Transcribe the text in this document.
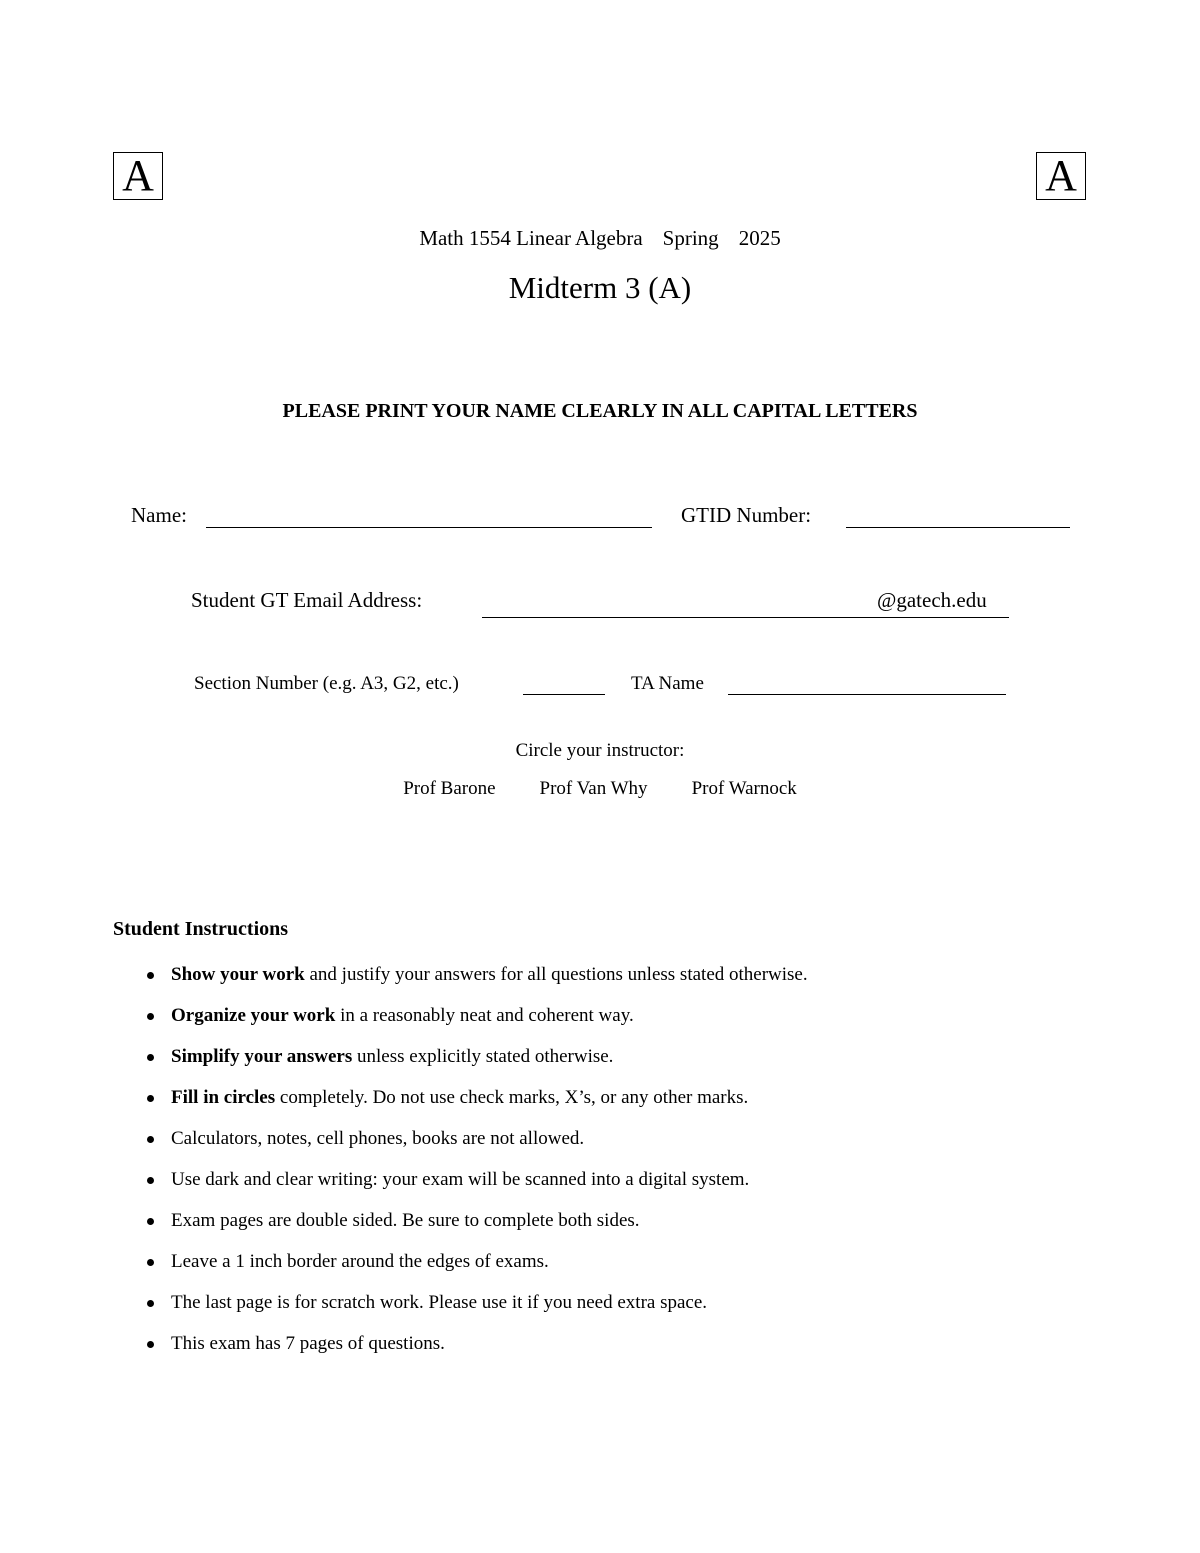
A	A
Math 1554 Linear Algebra Spring 2025
Midterm 3 (A)
PLEASE PRINT YOUR NAME CLEARLY IN ALL CAPITAL LETTERS
Name:	GTID Number:
Student GT Email Address:	@gatech.edu
Section Number (e.g. A3, G2, etc.)	TA Name
Circle your instructor:
Prof Barone Prof Van Why Prof Warnock
Student Instructions
Show your work and justify your answers for all questions unless stated otherwise.
Organize your work in a reasonably neat and coherent way.
Simplify your answers unless explicitly stated otherwise.
Fill in circles completely. Do not use check marks, X’s, or any other marks.
Calculators, notes, cell phones, books are not allowed.
Use dark and clear writing: your exam will be scanned into a digital system.
Exam pages are double sided. Be sure to complete both sides.
Leave a 1 inch border around the edges of exams.
The last page is for scratch work. Please use it if you need extra space.
This exam has 7 pages of questions.
